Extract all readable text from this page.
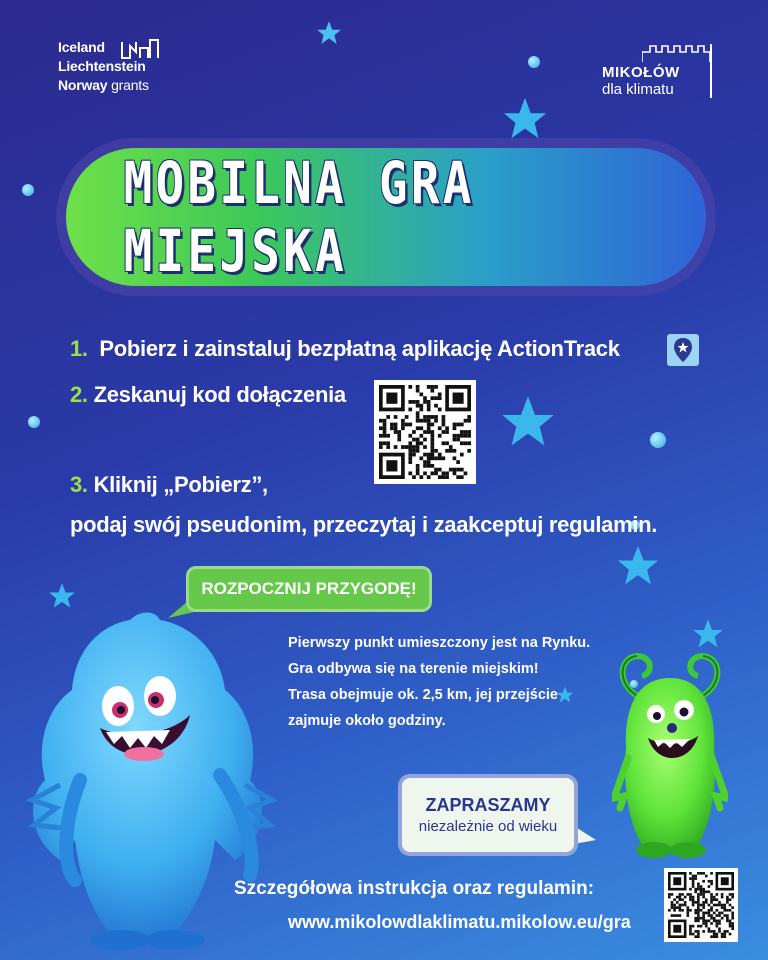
Iceland
Liechtenstein
Norway grants
MIKOŁÓW
dla klimatu
MOBILNA GRA MIEJSKA
1. Pobierz i zainstaluj bezpłatną aplikację ActionTrack
2. Zeskanuj kod dołączenia
3. Kliknij „Pobierz”,
podaj swój pseudonim, przeczytaj i zaakceptuj regulamin.
ROZPOCZNIJ PRZYGODĘ!
Pierwszy punkt umieszczony jest na Rynku.
Gra odbywa się na terenie miejskim!
Trasa obejmuje ok. 2,5 km, jej przejście
zajmuje około godziny.
ZAPRASZAMY
niezależnie od wieku
Szczegółowa instrukcja oraz regulamin:
www.mikolowdlaklimatu.mikolow.eu/gra
